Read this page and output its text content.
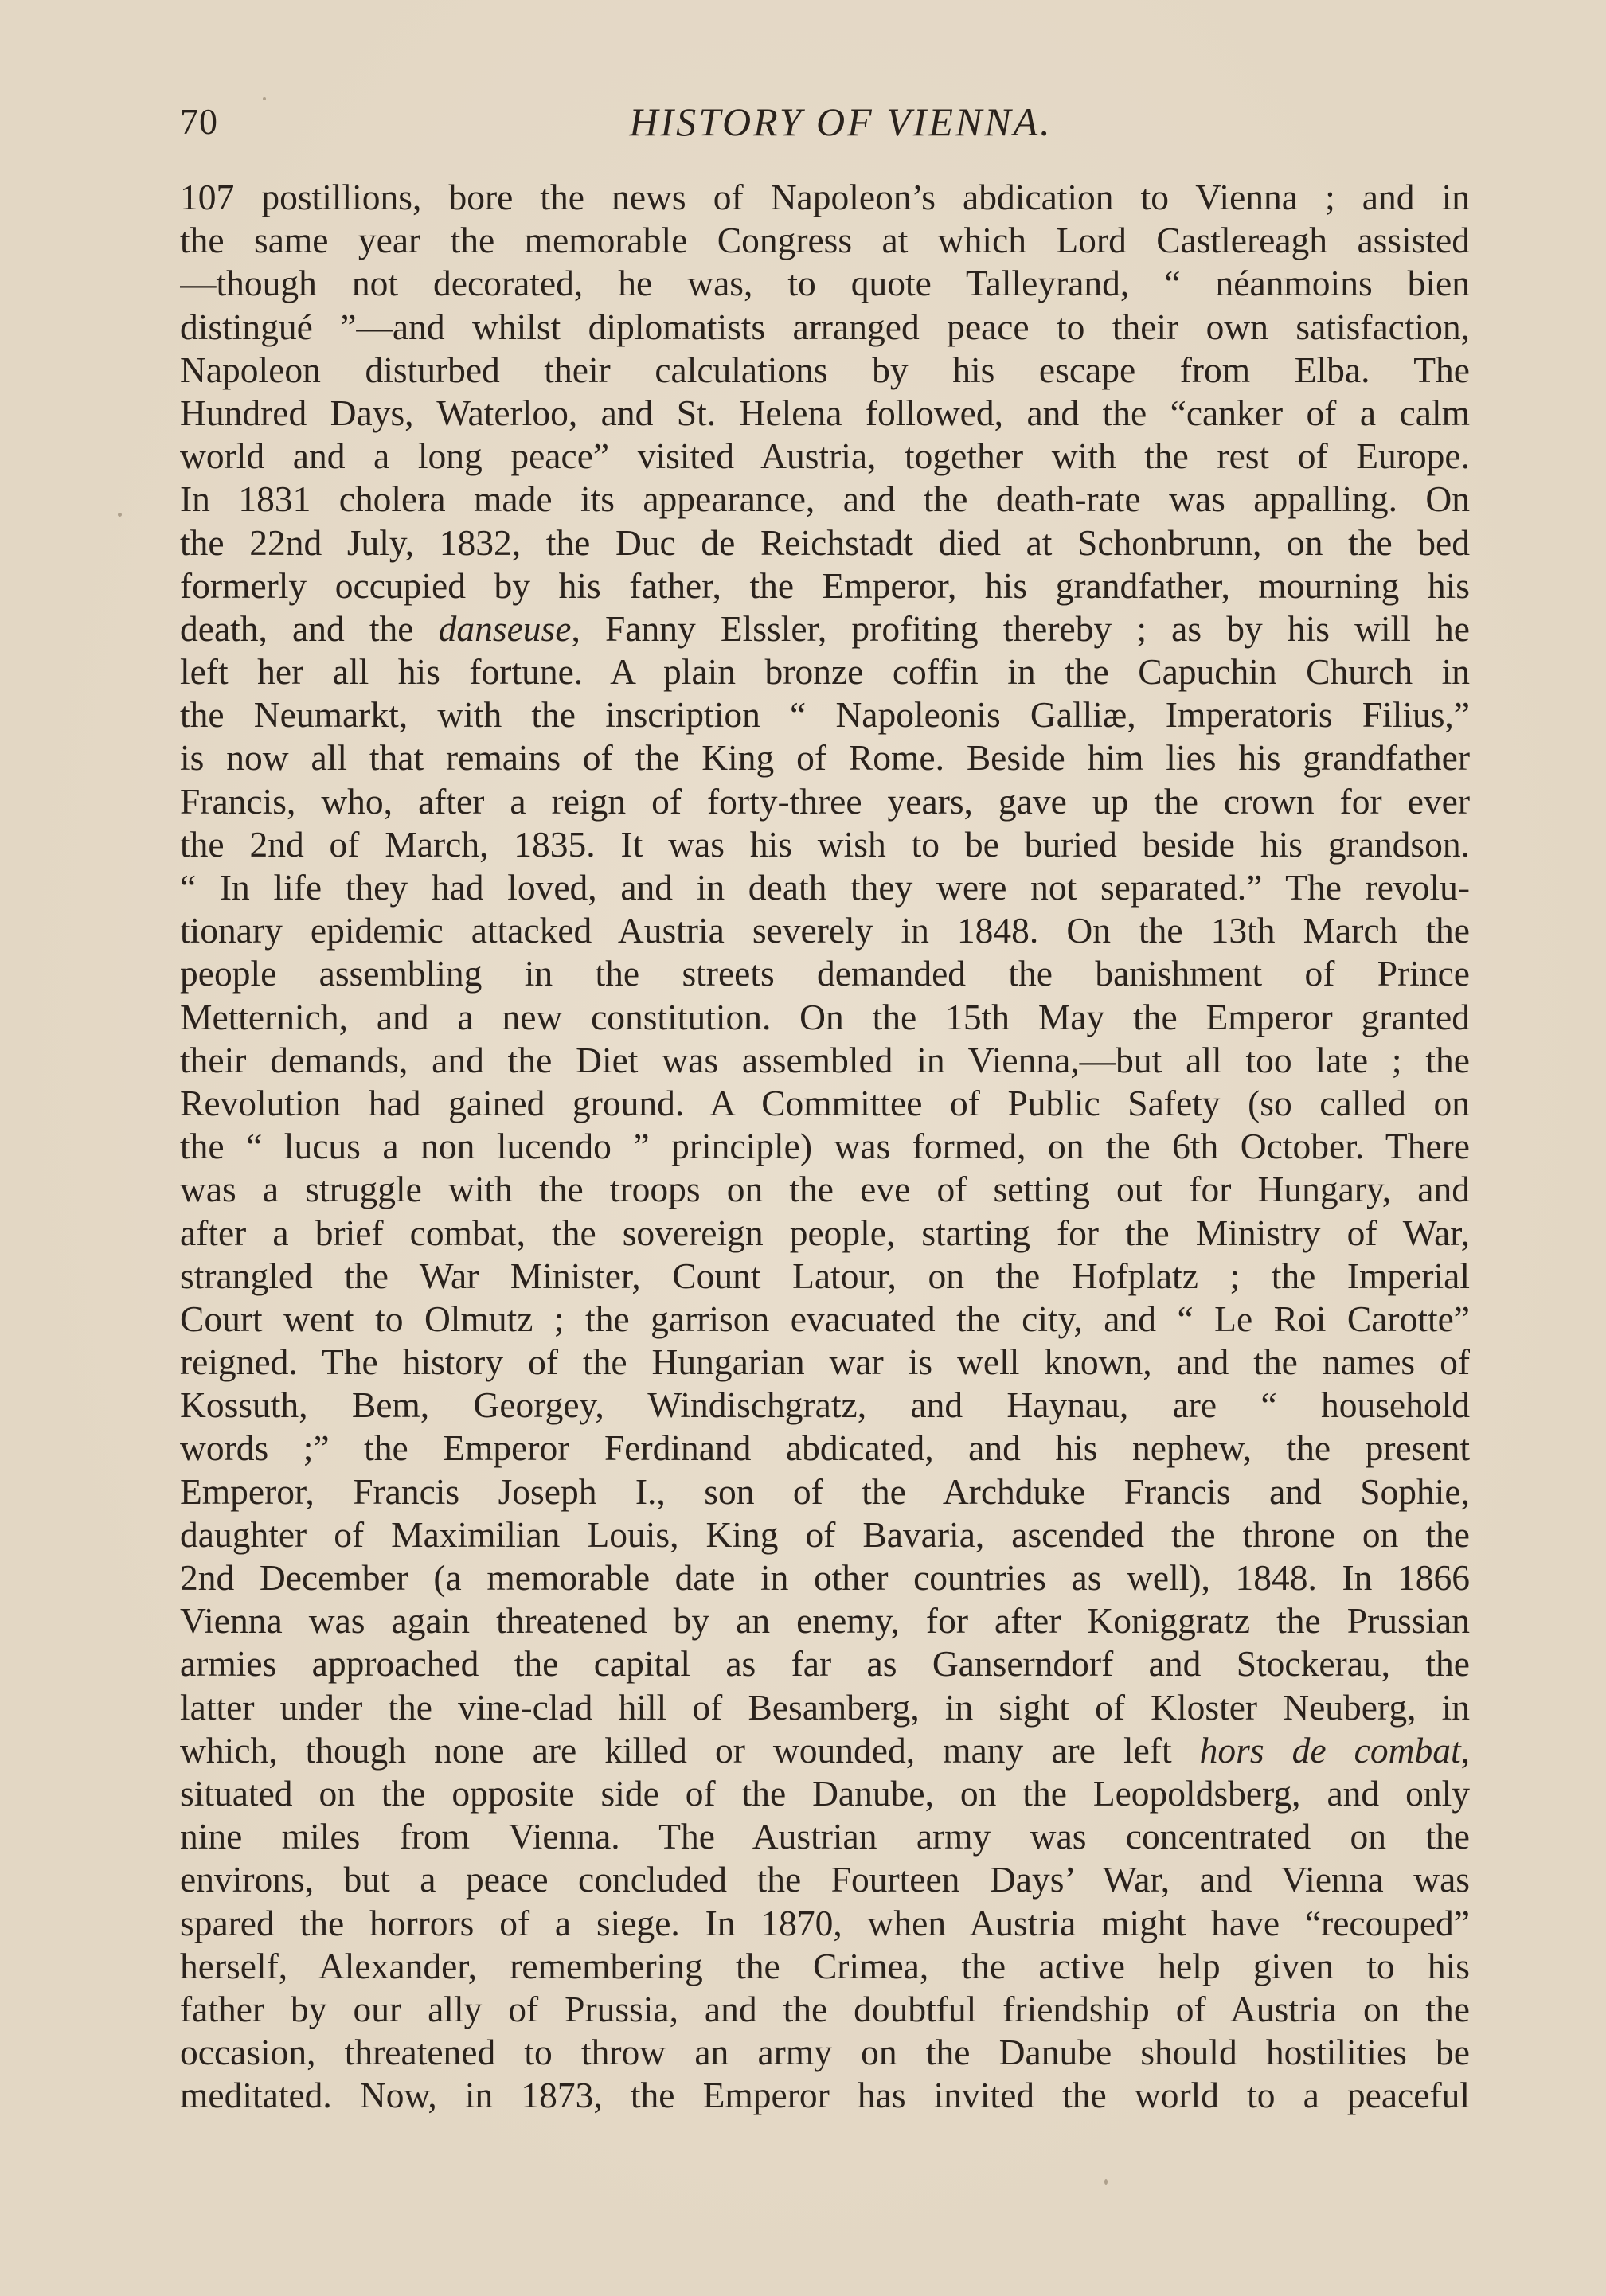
70	HISTORY OF VIENNA.
107 postillions, bore the news of Napoleon’s abdication to Vienna ; and in
the same year the memorable Congress at which Lord Castlereagh assisted
—though not decorated, he was, to quote Talleyrand, “ néanmoins bien
distingué ”—and whilst diplomatists arranged peace to their own satisfaction,
Napoleon disturbed their calculations by his escape from Elba. The
Hundred Days, Waterloo, and St. Helena followed, and the “canker of a calm
world and a long peace” visited Austria, together with the rest of Europe.
In 1831 cholera made its appearance, and the death-rate was appalling. On
the 22nd July, 1832, the Duc de Reichstadt died at Schonbrunn, on the bed
formerly occupied by his father, the Emperor, his grandfather, mourning his
death, and the danseuse, Fanny Elssler, profiting thereby ; as by his will he
left her all his fortune. A plain bronze coffin in the Capuchin Church in
the Neumarkt, with the inscription “ Napoleonis Galliæ, Imperatoris Filius,”
is now all that remains of the King of Rome. Beside him lies his grandfather
Francis, who, after a reign of forty-three years, gave up the crown for ever
the 2nd of March, 1835. It was his wish to be buried beside his grandson.
“ In life they had loved, and in death they were not separated.” The revolu-
tionary epidemic attacked Austria severely in 1848. On the 13th March the
people assembling in the streets demanded the banishment of Prince
Metternich, and a new constitution. On the 15th May the Emperor granted
their demands, and the Diet was assembled in Vienna,—but all too late ; the
Revolution had gained ground. A Committee of Public Safety (so called on
the “ lucus a non lucendo ” principle) was formed, on the 6th October. There
was a struggle with the troops on the eve of setting out for Hungary, and
after a brief combat, the sovereign people, starting for the Ministry of War,
strangled the War Minister, Count Latour, on the Hofplatz ; the Imperial
Court went to Olmutz ; the garrison evacuated the city, and “ Le Roi Carotte”
reigned. The history of the Hungarian war is well known, and the names of
Kossuth, Bem, Georgey, Windischgratz, and Haynau, are “ household
words ;” the Emperor Ferdinand abdicated, and his nephew, the present
Emperor, Francis Joseph I., son of the Archduke Francis and Sophie,
daughter of Maximilian Louis, King of Bavaria, ascended the throne on the
2nd December (a memorable date in other countries as well), 1848. In 1866
Vienna was again threatened by an enemy, for after Koniggratz the Prussian
armies approached the capital as far as Ganserndorf and Stockerau, the
latter under the vine-clad hill of Besamberg, in sight of Kloster Neuberg, in
which, though none are killed or wounded, many are left hors de combat,
situated on the opposite side of the Danube, on the Leopoldsberg, and only
nine miles from Vienna. The Austrian army was concentrated on the
environs, but a peace concluded the Fourteen Days’ War, and Vienna was
spared the horrors of a siege. In 1870, when Austria might have “recouped”
herself, Alexander, remembering the Crimea, the active help given to his
father by our ally of Prussia, and the doubtful friendship of Austria on the
occasion, threatened to throw an army on the Danube should hostilities be
meditated. Now, in 1873, the Emperor has invited the world to a peaceful
